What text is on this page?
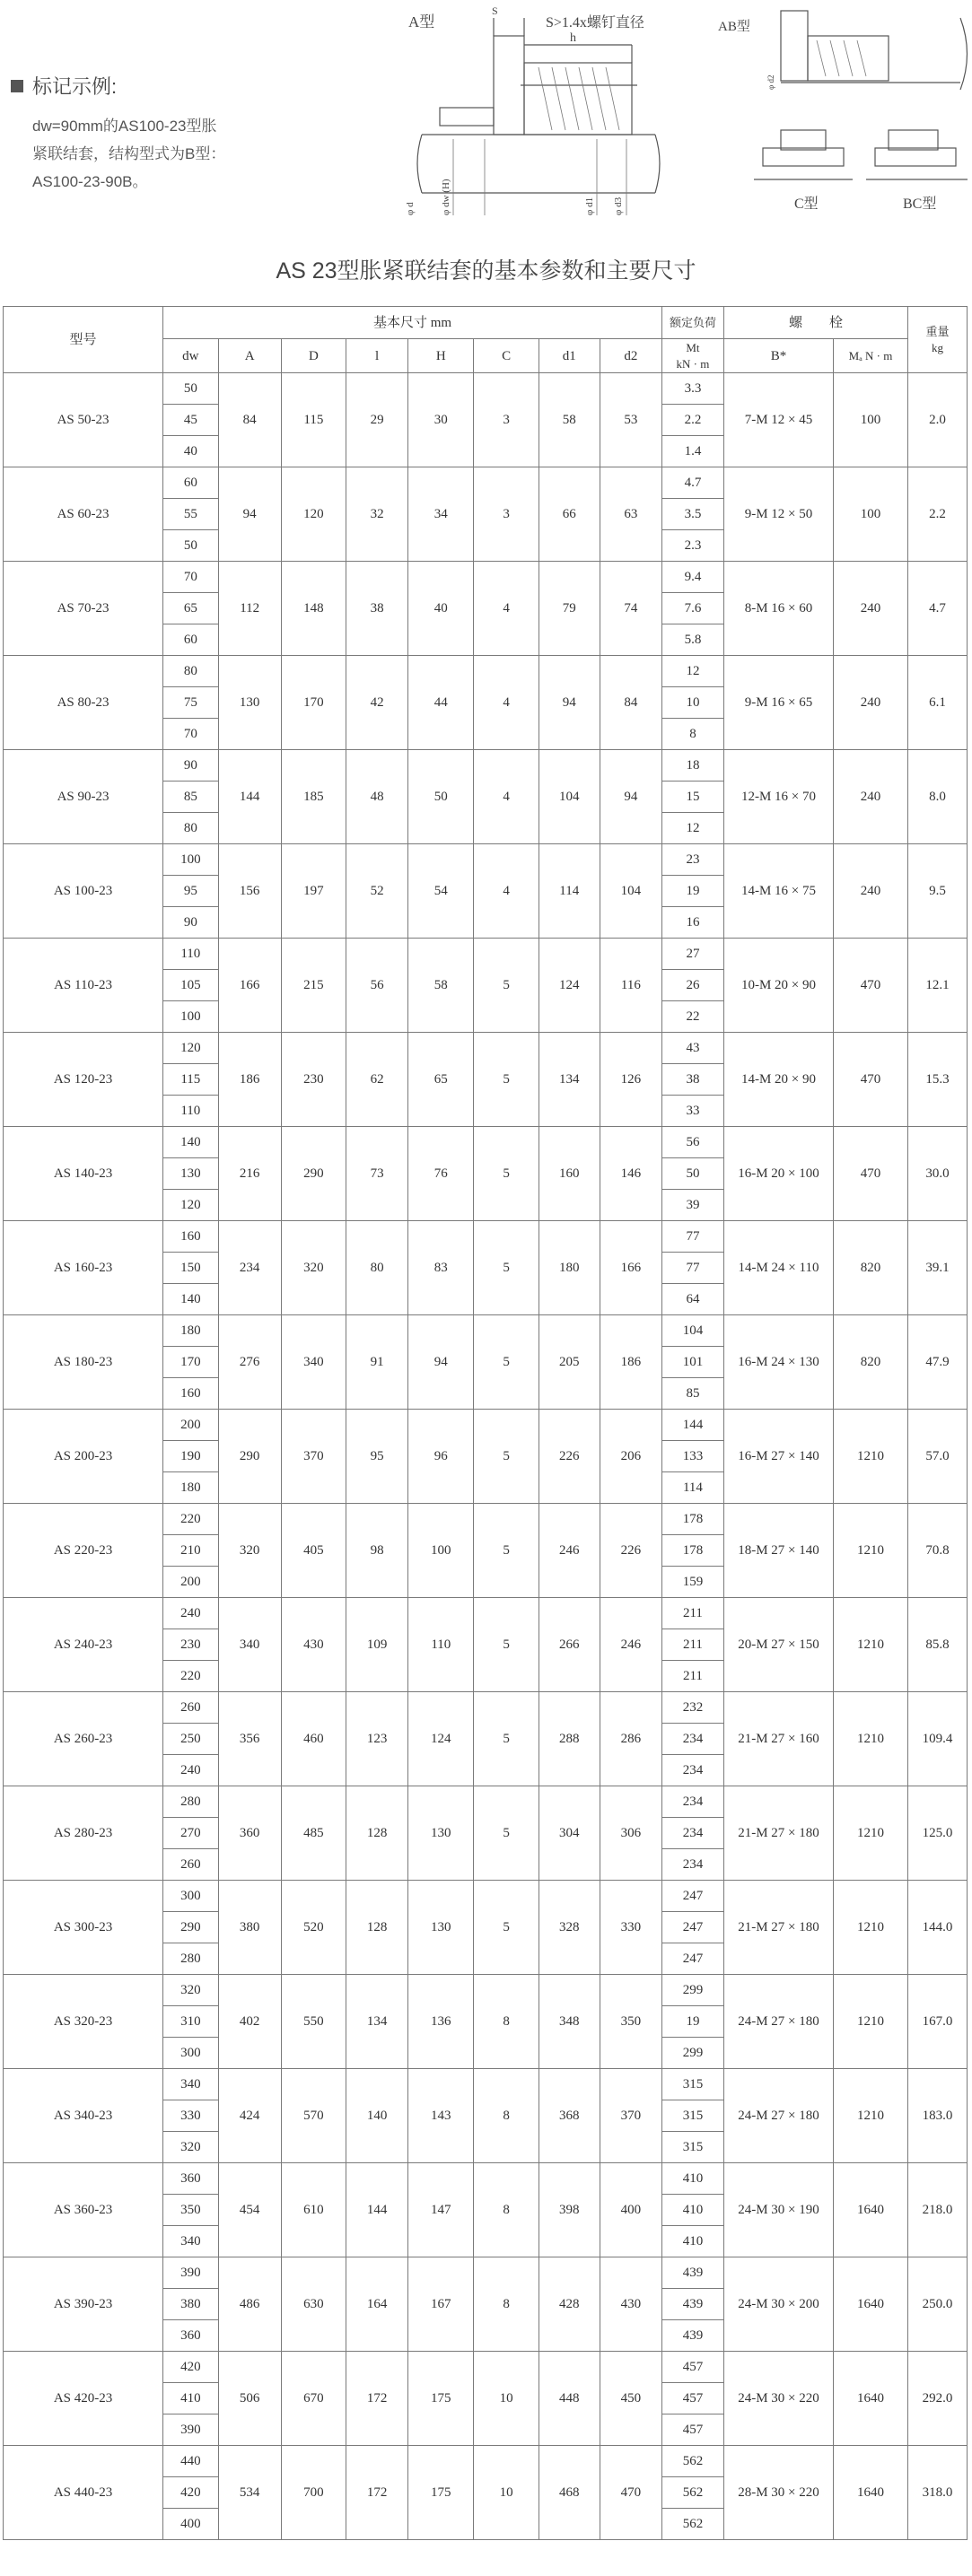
标记示例:
dw=90mm的AS100-23型胀
紧联结套，结构型式为B型：
AS100-23-90B。
A型
S
S>1.4x螺钉直径
h
φ d	φ dw (H)	φ d1 φ d3
AB型
φ d2
C型	BC型
AS 23型胀紧联结套的基本参数和主要尺寸
型号	基本尺寸 mm								额定负荷	螺　　栓		重量
kg

	dw	A	D	l	H	C	d1	d2	Mt
kN · m	B*	Mₐ N · m	
AS 50-23	50	84	115	29	30	3	58	53	3.3	7-M 12 × 45	100	2.0
	45								2.2			
	40								1.4			
AS 60-23	60	94	120	32	34	3	66	63	4.7	9-M 12 × 50	100	2.2
	55								3.5			
	50								2.3			
AS 70-23	70	112	148	38	40	4	79	74	9.4	8-M 16 × 60	240	4.7
	65								7.6			
	60								5.8			
AS 80-23	80	130	170	42	44	4	94	84	12	9-M 16 × 65	240	6.1
	75								10			
	70								8			
AS 90-23	90	144	185	48	50	4	104	94	18	12-M 16 × 70	240	8.0
	85								15			
	80								12			
AS 100-23	100	156	197	52	54	4	114	104	23	14-M 16 × 75	240	9.5
	95								19			
	90								16			
AS 110-23	110	166	215	56	58	5	124	116	27	10-M 20 × 90	470	12.1
	105								26			
	100								22			
AS 120-23	120	186	230	62	65	5	134	126	43	14-M 20 × 90	470	15.3
	115								38			
	110								33			
AS 140-23	140	216	290	73	76	5	160	146	56	16-M 20 × 100	470	30.0
	130								50			
	120								39			
AS 160-23	160	234	320	80	83	5	180	166	77	14-M 24 × 110	820	39.1
	150								77			
	140								64			
AS 180-23	180	276	340	91	94	5	205	186	104	16-M 24 × 130	820	47.9
	170								101			
	160								85			
AS 200-23	200	290	370	95	96	5	226	206	144	16-M 27 × 140	1210	57.0
	190								133			
	180								114			
AS 220-23	220	320	405	98	100	5	246	226	178	18-M 27 × 140	1210	70.8
	210								178			
	200								159			
AS 240-23	240	340	430	109	110	5	266	246	211	20-M 27 × 150	1210	85.8
	230								211			
	220								211			
AS 260-23	260	356	460	123	124	5	288	286	232	21-M 27 × 160	1210	109.4
	250								234			
	240								234			
AS 280-23	280	360	485	128	130	5	304	306	234	21-M 27 × 180	1210	125.0
	270								234			
	260								234			
AS 300-23	300	380	520	128	130	5	328	330	247	21-M 27 × 180	1210	144.0
	290								247			
	280								247			
AS 320-23	320	402	550	134	136	8	348	350	299	24-M 27 × 180	1210	167.0
	310								19			
	300								299			
AS 340-23	340	424	570	140	143	8	368	370	315	24-M 27 × 180	1210	183.0
	330								315			
	320								315			
AS 360-23	360	454	610	144	147	8	398	400	410	24-M 30 × 190	1640	218.0
	350								410			
	340								410			
AS 390-23	390	486	630	164	167	8	428	430	439	24-M 30 × 200	1640	250.0
	380								439			
	360								439			
AS 420-23	420	506	670	172	175	10	448	450	457	24-M 30 × 220	1640	292.0
	410								457			
	390								457			
AS 440-23	440	534	700	172	175	10	468	470	562	28-M 30 × 220	1640	318.0
	420								562			
	400								562			
